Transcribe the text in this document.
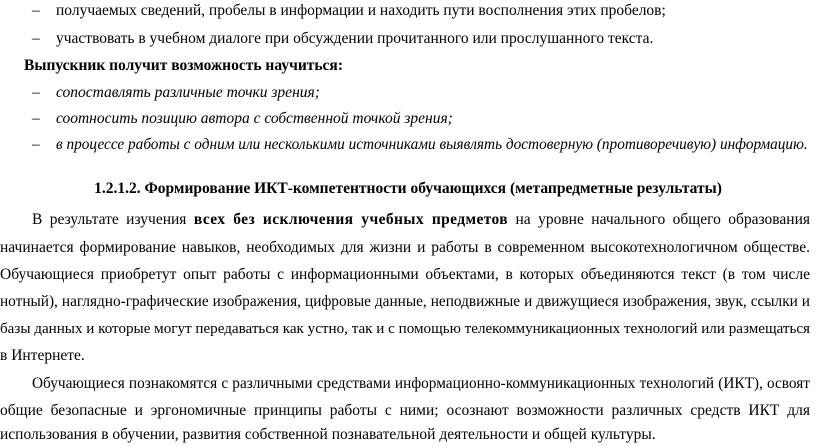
– получаемых сведений, пробелы в информации и находить пути восполнения этих пробелов;
– участвовать в учебном диалоге при обсуждении прочитанного или прослушанного текста.
Выпускник получит возможность научиться:
– сопоставлять различные точки зрения;
– соотносить позицию автора с собственной точкой зрения;
– в процессе работы с одним или несколькими источниками выявлять достоверную (противоречивую) информацию.
1.2.1.2. Формирование ИКТ-компетентности обучающихся (метапредметные результаты)
В результате изучения всех без исключения учебных предметов на уровне начального общего образования
начинается формирование навыков, необходимых для жизни и работы в современном высокотехнологичном обществе.
Обучающиеся приобретут опыт работы с информационными объектами, в которых объединяются текст (в том числе
нотный), наглядно-графические изображения, цифровые данные, неподвижные и движущиеся изображения, звук, ссылки и
базы данных и которые могут передаваться как устно, так и с помощью телекоммуникационных технологий или размещаться
в Интернете.
Обучающиеся познакомятся с различными средствами информационно-коммуникационных технологий (ИКТ), освоят
общие безопасные и эргономичные принципы работы с ними; осознают возможности различных средств ИКТ для
использования в обучении, развития собственной познавательной деятельности и общей культуры.
